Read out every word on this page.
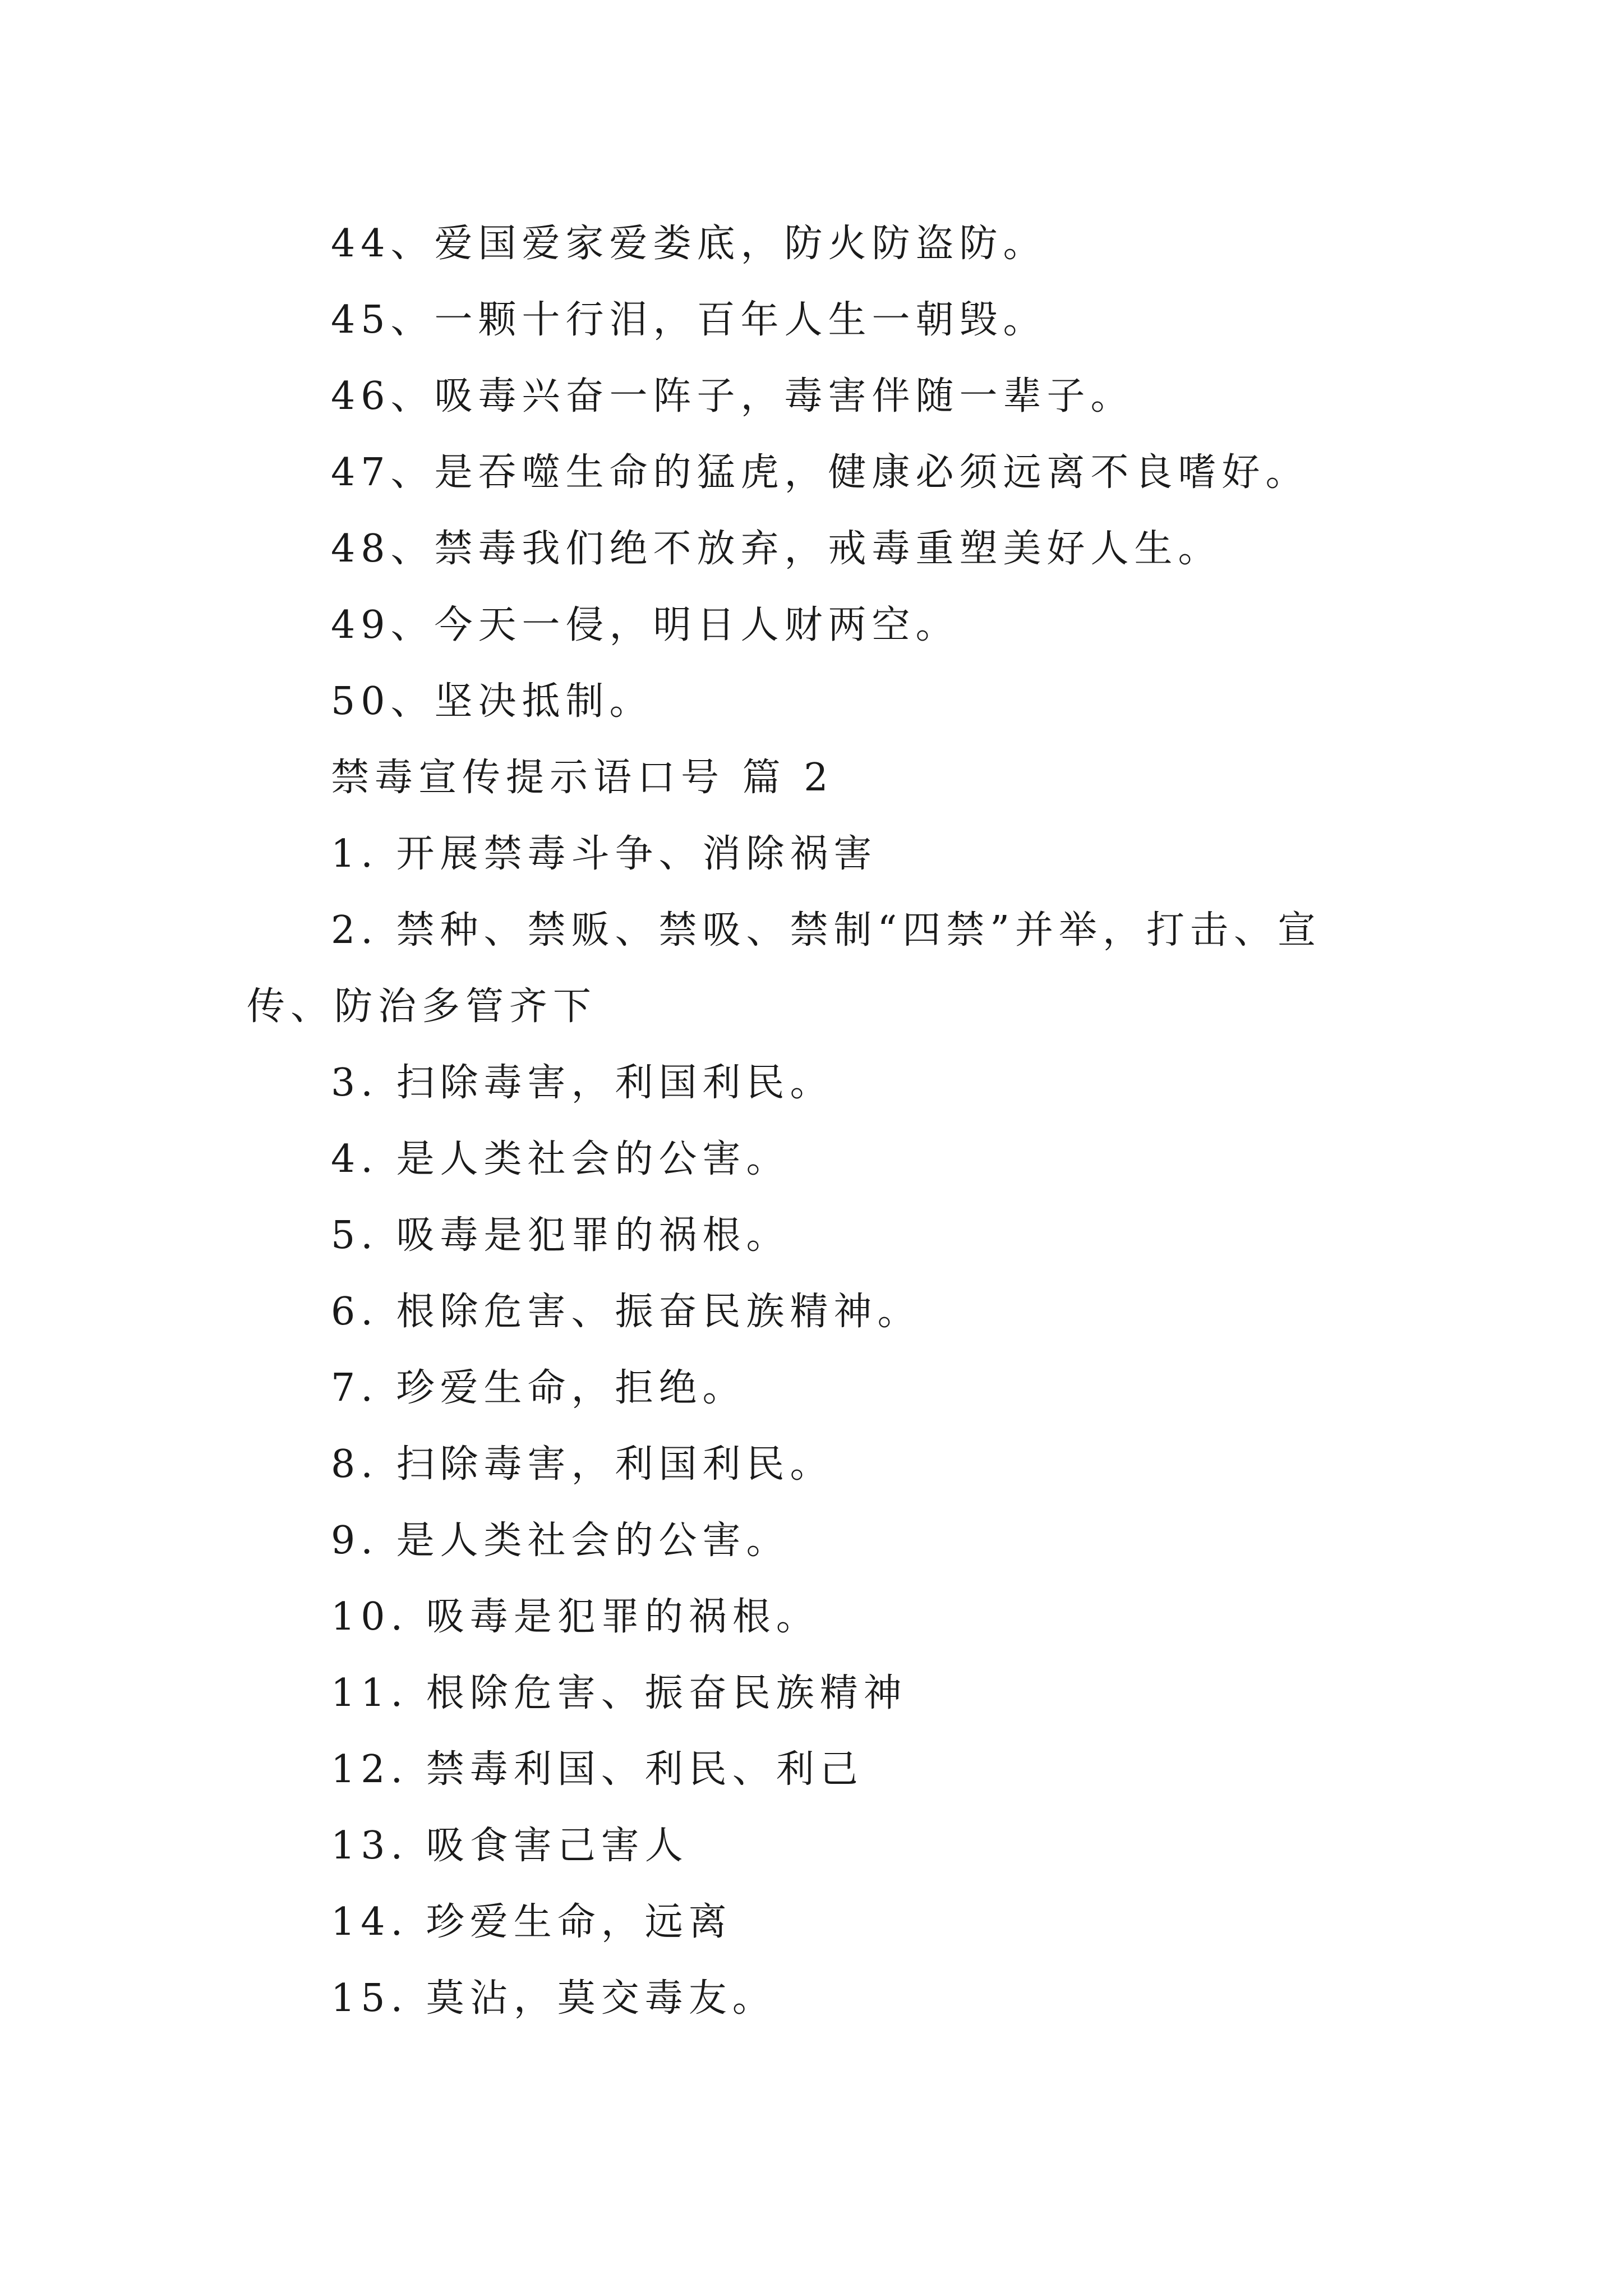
44、爱国爱家爱娄底，防火防盗防。
45、一颗十行泪，百年人生一朝毁。
46、吸毒兴奋一阵子，毒害伴随一辈子。
47、是吞噬生命的猛虎，健康必须远离不良嗜好。
48、禁毒我们绝不放弃，戒毒重塑美好人生。
49、今天一侵，明日人财两空。
50、坚决抵制。
禁毒宣传提示语口号 篇 2
1. 开展禁毒斗争、消除祸害
2. 禁种、禁贩、禁吸、禁制“四禁”并举，打击、宣
传、防治多管齐下
3. 扫除毒害，利国利民。
4. 是人类社会的公害。
5. 吸毒是犯罪的祸根。
6. 根除危害、振奋民族精神。
7. 珍爱生命，拒绝。
8. 扫除毒害，利国利民。
9. 是人类社会的公害。
10. 吸毒是犯罪的祸根。
11. 根除危害、振奋民族精神
12. 禁毒利国、利民、利己
13. 吸食害己害人
14. 珍爱生命，远离
15. 莫沾，莫交毒友。
